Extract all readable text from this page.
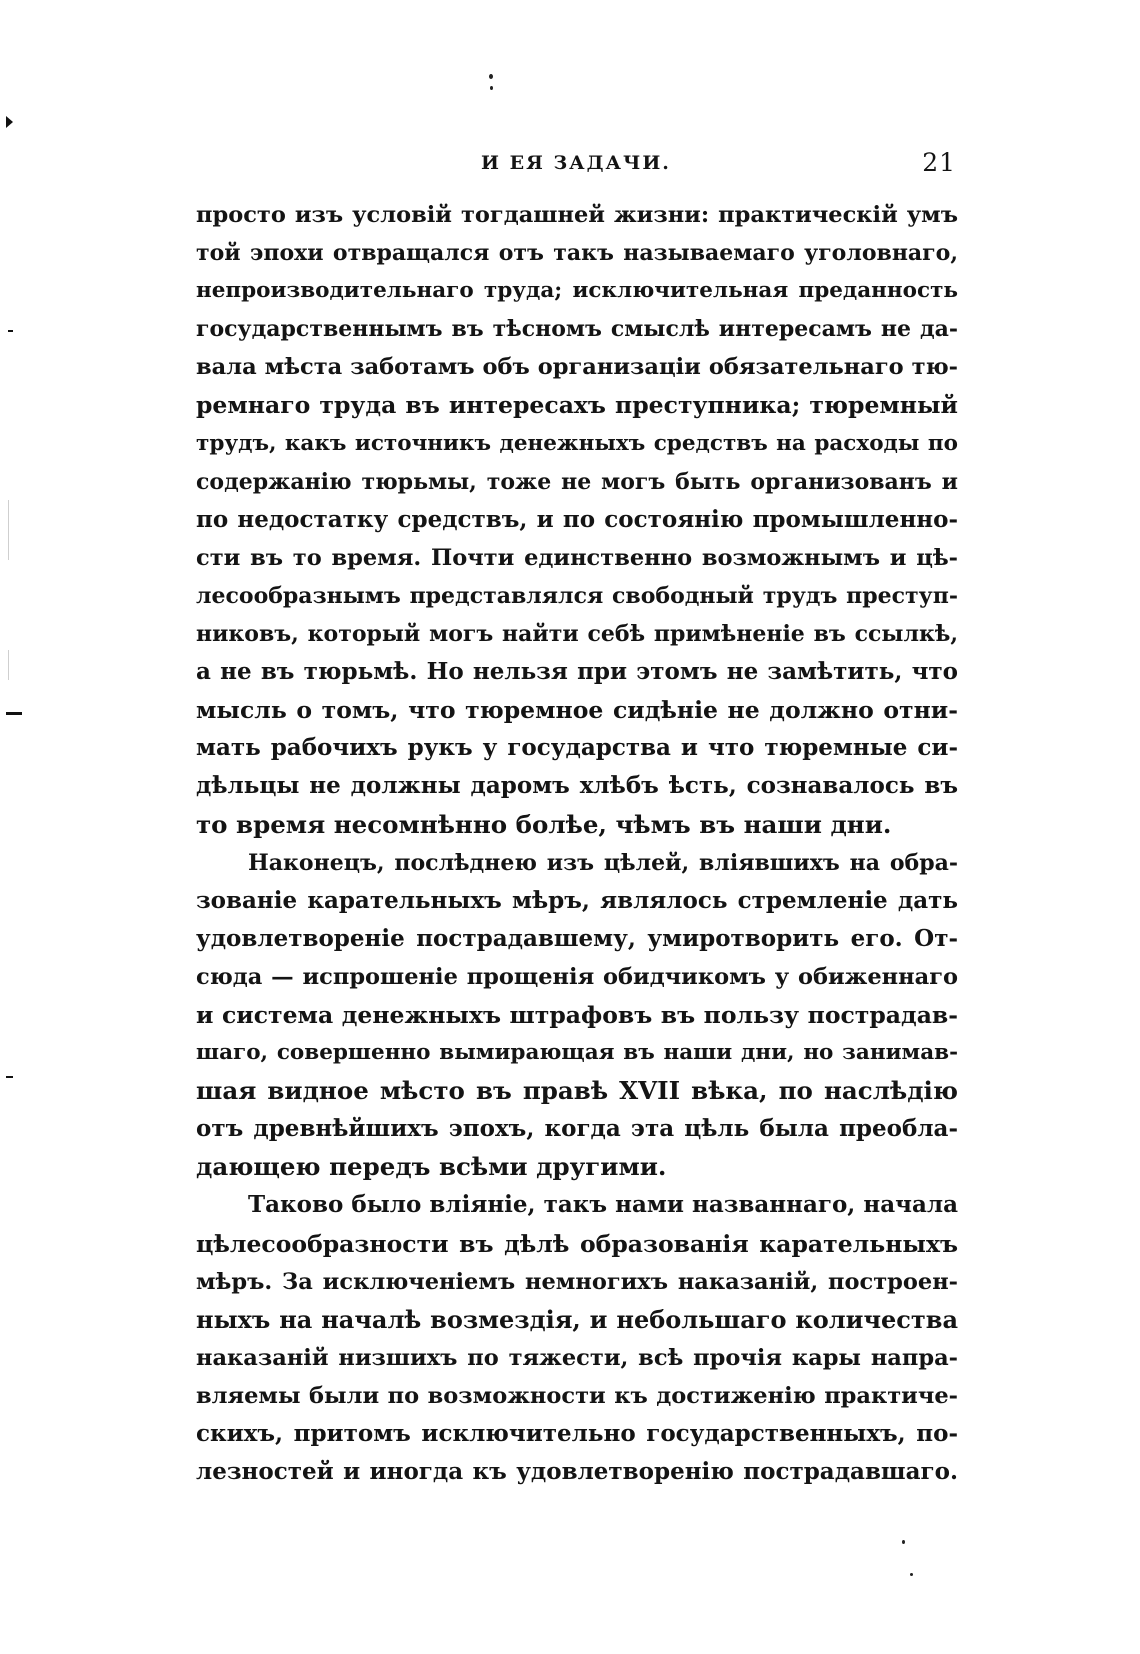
И ЕЯ ЗАДАЧИ.	21
просто изъ условій тогдашней жизни: практическій умъ
той эпохи отвращался отъ такъ называемаго уголовнаго,
непроизводительнаго труда; исключительная преданность
государственнымъ въ тѣсномъ смыслѣ интересамъ не да-
вала мѣста заботамъ объ организаціи обязательнаго тю-
ремнаго труда въ интересахъ преступника; тюремный
трудъ, какъ источникъ денежныхъ средствъ на расходы по
содержанію тюрьмы, тоже не могъ быть организованъ и
по недостатку средствъ, и по состоянію промышленно-
сти въ то время. Почти единственно возможнымъ и цѣ-
лесообразнымъ представлялся свободный трудъ преступ-
никовъ, который могъ найти себѣ примѣненіе въ ссылкѣ,
а не въ тюрьмѣ. Но нельзя при этомъ не замѣтить, что
мысль о томъ, что тюремное сидѣніе не должно отни-
мать рабочихъ рукъ у государства и что тюремные си-
дѣльцы не должны даромъ хлѣбъ ѣсть, сознавалось въ
то время несомнѣнно болѣе, чѣмъ въ наши дни.
Наконецъ, послѣднею изъ цѣлей, вліявшихъ на обра-
зованіе карательныхъ мѣръ, являлось стремленіе дать
удовлетвореніе пострадавшему, умиротворить его. От-
сюда — испрошеніе прощенія обидчикомъ у обиженнаго
и система денежныхъ штрафовъ въ пользу пострадав-
шаго, совершенно вымирающая въ наши дни, но занимав-
шая видное мѣсто въ правѣ XVII вѣка, по наслѣдію
отъ древнѣйшихъ эпохъ, когда эта цѣль была преобла-
дающею передъ всѣми другими.
Таково было вліяніе, такъ нами названнаго, начала
цѣлесообразности въ дѣлѣ образованія карательныхъ
мѣръ. За исключеніемъ немногихъ наказаній, построен-
ныхъ на началѣ возмездія, и небольшаго количества
наказаній низшихъ по тяжести, всѣ прочія кары напра-
вляемы были по возможности къ достиженію практиче-
скихъ, притомъ исключительно государственныхъ, по-
лезностей и иногда къ удовлетворенію пострадавшаго.
